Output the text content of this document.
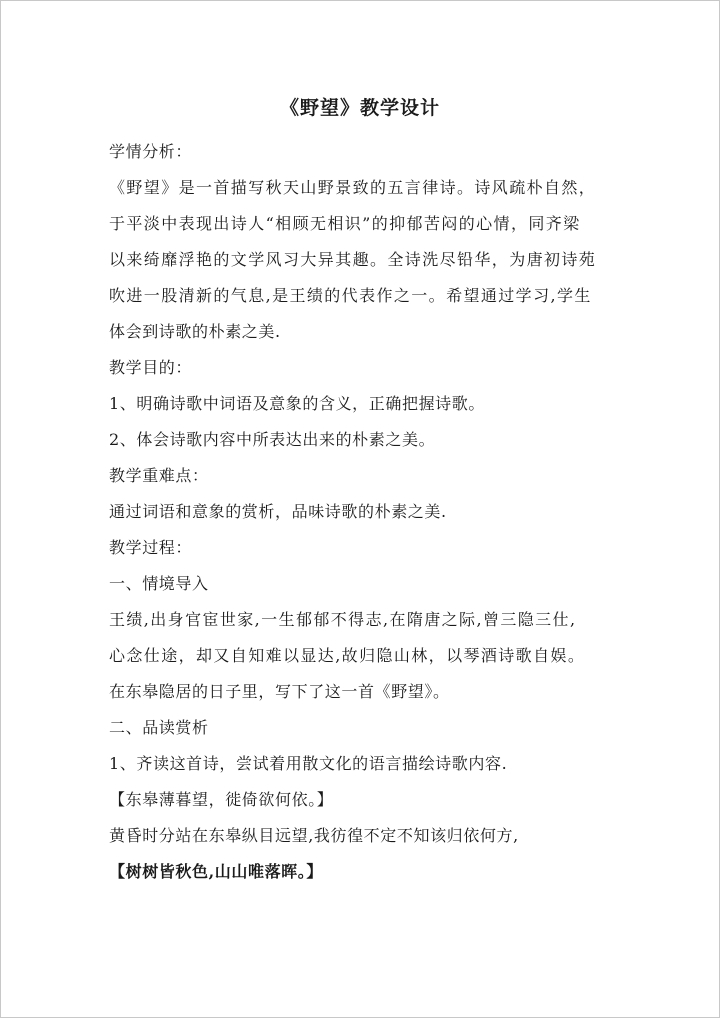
《野望》教学设计

学情分析：

《野望》是一首描写秋天山野景致的五言律诗。诗风疏朴自然，

于平淡中表现出诗人“相顾无相识”的抑郁苦闷的心情，同齐梁

以来绮靡浮艳的文学风习大异其趣。全诗洗尽铅华，为唐初诗苑

吹进一股清新的气息,是王绩的代表作之一。希望通过学习,学生

体会到诗歌的朴素之美.

教学目的：

1、明确诗歌中词语及意象的含义，正确把握诗歌。

2、体会诗歌内容中所表达出来的朴素之美。

教学重难点：

通过词语和意象的赏析，品味诗歌的朴素之美.

教学过程：

一、情境导入

王绩,出身官宦世家,一生郁郁不得志,在隋唐之际,曾三隐三仕,

心念仕途，却又自知难以显达,故归隐山林，以琴酒诗歌自娱。

在东皋隐居的日子里，写下了这一首《野望》。

二、品读赏析

1、齐读这首诗，尝试着用散文化的语言描绘诗歌内容.

【东皋薄暮望，徙倚欲何依。】

黄昏时分站在东皋纵目远望,我彷徨不定不知该归依何方,

【树树皆秋色,山山唯落晖。】
